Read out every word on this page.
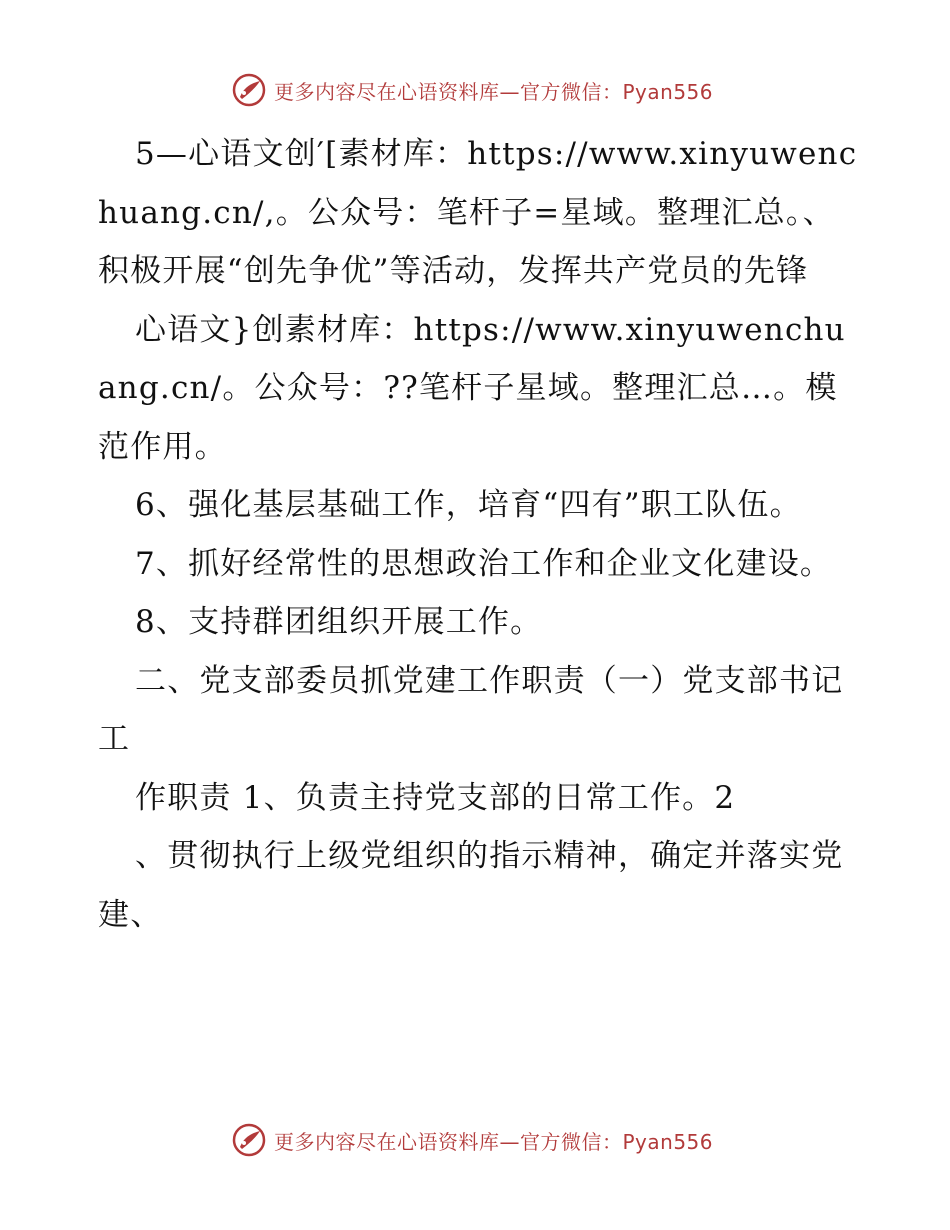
更多内容尽在心语资料库—官方微信：Pyan556

5—心语文创′[素材库：https://www.xinyuwenchuang.cn/,。公众号：笔杆子=星域。整理汇总。、积极开展“创先争优”等活动，发挥共产党员的先锋

心语文}创素材库：https://www.xinyuwenchuang.cn/。公众号：??笔杆子星域。整理汇总…。模范作用。

6、强化基层基础工作，培育“四有”职工队伍。

7、抓好经常性的思想政治工作和企业文化建设。

8、支持群团组织开展工作。

二、党支部委员抓党建工作职责（一）党支部书记工

作职责 1、负责主持党支部的日常工作。2

、贯彻执行上级党组织的指示精神，确定并落实党建、

更多内容尽在心语资料库—官方微信：Pyan556
